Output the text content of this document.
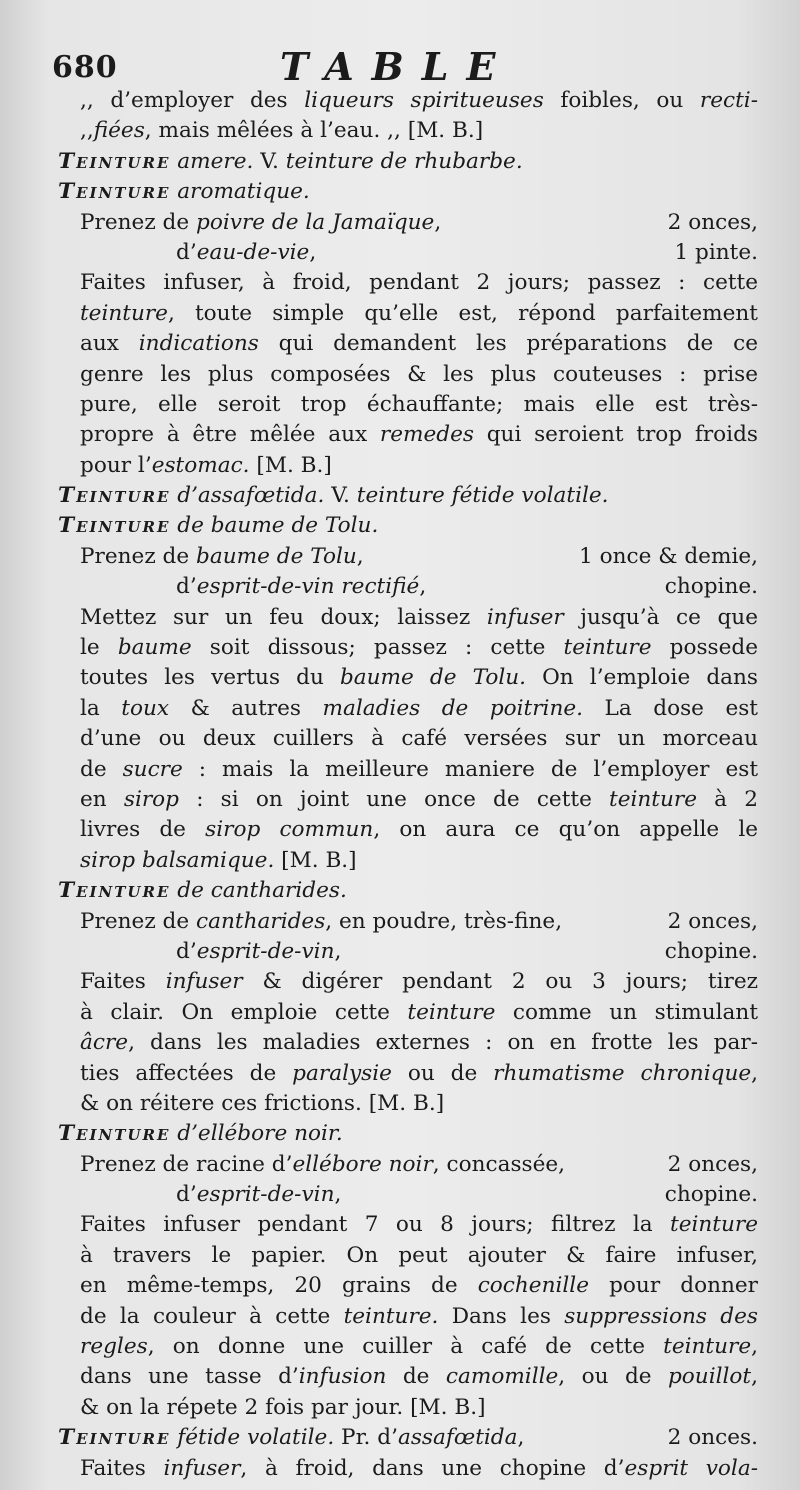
680	TABLE
,, d’employer des liqueurs spiritueuses foibles, ou recti-
,,fiées, mais mêlées à l’eau. ,, [M. B.]
Teinture amere. V. teinture de rhubarbe.
Teinture aromatique.
Prenez de poivre de la Jamaïque,	2 onces,
d’eau-de-vie,	1 pinte.
Faites infuser, à froid, pendant 2 jours; passez : cette
teinture, toute simple qu’elle est, répond parfaitement
aux indications qui demandent les préparations de ce
genre les plus composées & les plus couteuses : prise
pure, elle seroit trop échauffante; mais elle est très-
propre à être mêlée aux remedes qui seroient trop froids
pour l’estomac. [M. B.]
Teinture d’assafœtida. V. teinture fétide volatile.
Teinture de baume de Tolu.
Prenez de baume de Tolu,	1 once & demie,
d’esprit-de-vin rectifié,	chopine.
Mettez sur un feu doux; laissez infuser jusqu’à ce que
le baume soit dissous; passez : cette teinture possede
toutes les vertus du baume de Tolu. On l’emploie dans
la toux & autres maladies de poitrine. La dose est
d’une ou deux cuillers à café versées sur un morceau
de sucre : mais la meilleure maniere de l’employer est
en sirop : si on joint une once de cette teinture à 2
livres de sirop commun, on aura ce qu’on appelle le
sirop balsamique. [M. B.]
Teinture de cantharides.
Prenez de cantharides, en poudre, très-fine,	2 onces,
d’esprit-de-vin,	chopine.
Faites infuser & digérer pendant 2 ou 3 jours; tirez
à clair. On emploie cette teinture comme un stimulant
âcre, dans les maladies externes : on en frotte les par-
ties affectées de paralysie ou de rhumatisme chronique,
& on réitere ces frictions. [M. B.]
Teinture d’ellébore noir.
Prenez de racine d’ellébore noir, concassée,	2 onces,
d’esprit-de-vin,	chopine.
Faites infuser pendant 7 ou 8 jours; filtrez la teinture
à travers le papier. On peut ajouter & faire infuser,
en même-temps, 20 grains de cochenille pour donner
de la couleur à cette teinture. Dans les suppressions des
regles, on donne une cuiller à café de cette teinture,
dans une tasse d’infusion de camomille, ou de pouillot,
& on la répete 2 fois par jour. [M. B.]
Teinture fétide volatile. Pr. d’assafœtida,	2 onces.
Faites infuser, à froid, dans une chopine d’esprit vola-
